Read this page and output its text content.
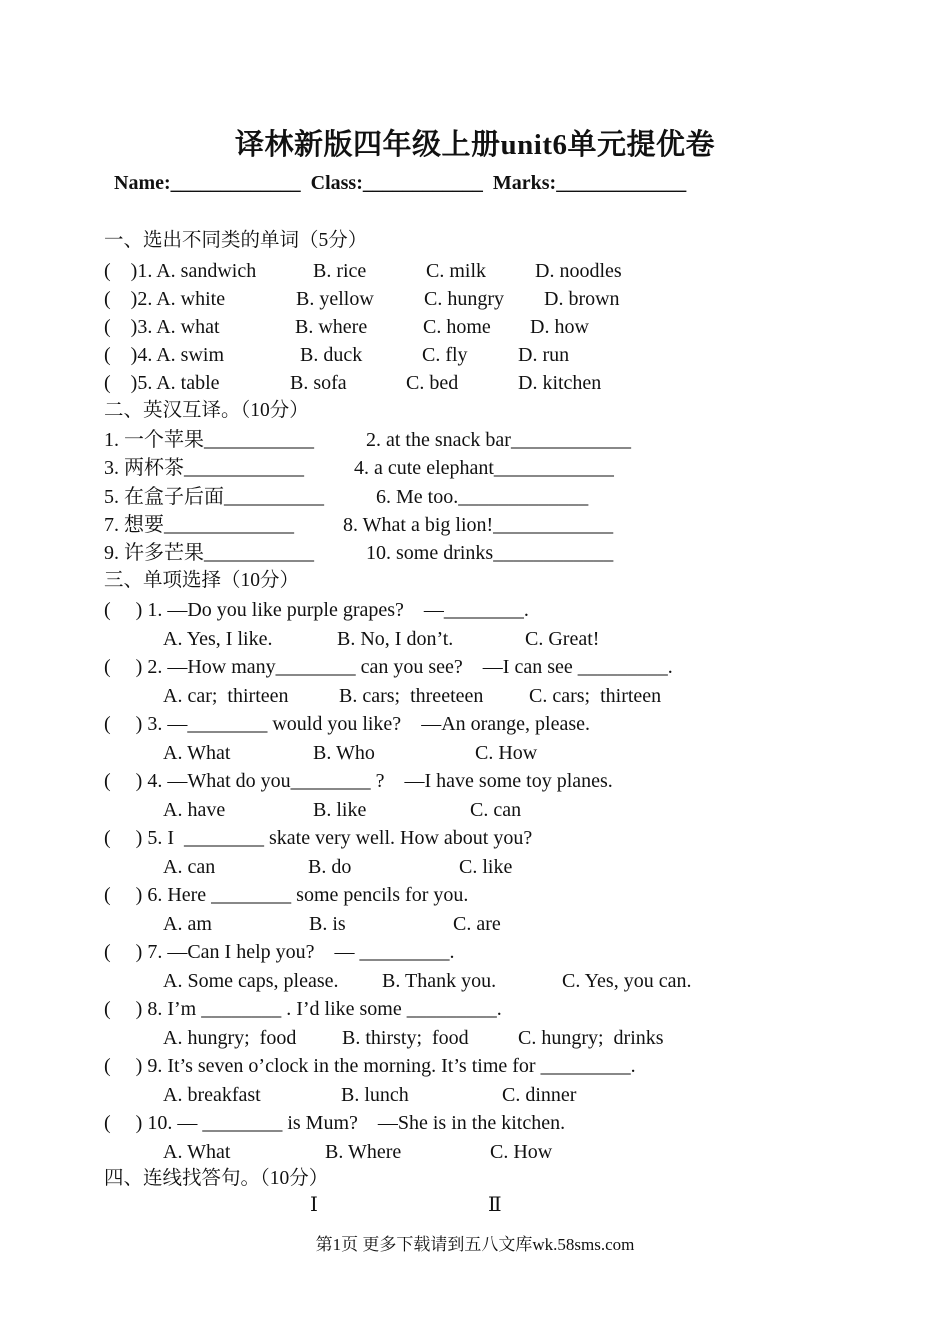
译林新版四年级上册unit6单元提优卷
Name:_____________  Class:____________  Marks:_____________
一、选出不同类的单词（5分）
(    )1. A. sandwich	B. rice	C. milk D. noodles
(    )2. A. white	B. yellow	C. hungry D. brown
(    )3. A. what	B. where	C. home D. how
(    )4. A. swim	B. duck	C. fly	D. run
(    )5. A. table	B. sofa	C. bed	D. kitchen
二、英汉互译。（10分）
1. 一个苹果___________	2. at the snack bar____________
3. 两杯茶____________	4. a cute elephant____________
5. 在盒子后面__________	6. Me too._____________
7. 想要_____________ 8. What a big lion!____________
9. 许多芒果___________	10. some drinks____________
三、单项选择（10分）
(     ) 1. —Do you like purple grapes?    —________.
A. Yes, I like.	B. No, I don’t.	C. Great!
(     ) 2. —How many________ can you see?    —I can see _________.
A. car;  thirteen	B. cars;  threeteen C. cars;  thirteen
(     ) 3. —________ would you like?    —An orange, please.
A. What	B. Who	C. How
(     ) 4. —What do you________ ?    —I have some toy planes.
A. have	B. like	C. can
(     ) 5. I  ________ skate very well. How about you?
A. can	B. do	C. like
(     ) 6. Here ________ some pencils for you.
A. am	B. is	C. are
(     ) 7. —Can I help you?    — _________.
A. Some caps, please. B. Thank you.	C. Yes, you can.
(     ) 8. I’m ________ . I’d like some _________.
A. hungry;  food B. thirsty;  food C. hungry;  drinks
(     ) 9. It’s seven o’clock in the morning. It’s time for _________.
A. breakfast	B. lunch	C. dinner
(     ) 10. — ________ is Mum?    —She is in the kitchen.
A. What	B. Where	C. How
四、连线找答句。（10分）
Ⅰ	Ⅱ
第1页 更多下载请到五八文库wk.58sms.com
